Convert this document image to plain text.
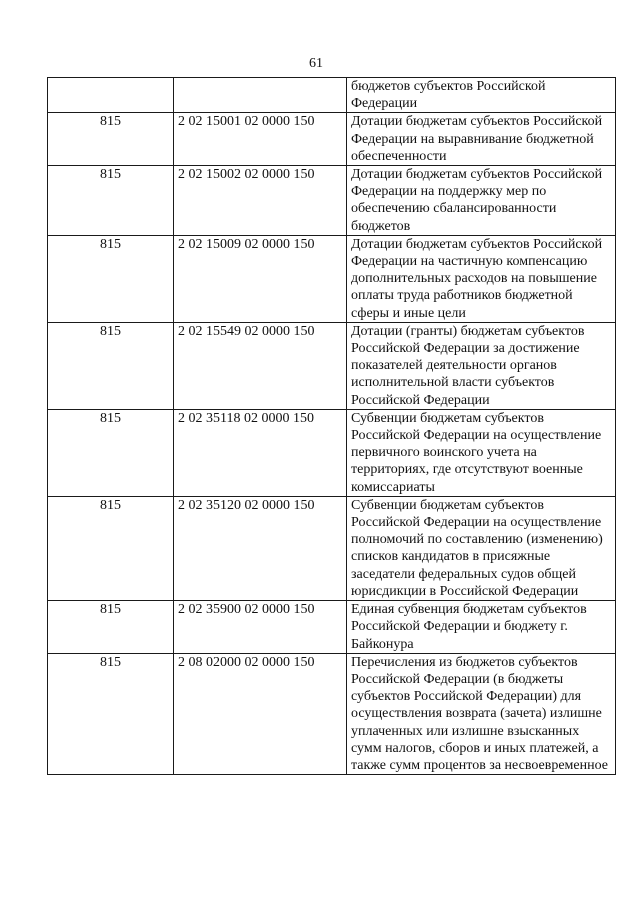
61
		бюджетов субъектов Российской Федерации
815	2 02 15001 02 0000 150	Дотации бюджетам субъектов Российской Федерации на выравнивание бюджетной обеспеченности
815	2 02 15002 02 0000 150	Дотации бюджетам субъектов Российской Федерации на поддержку мер по обеспечению сбалансированности бюджетов
815	2 02 15009 02 0000 150	Дотации бюджетам субъектов Российской Федерации на частичную компенсацию дополнительных расходов на повышение оплаты труда работников бюджетной сферы и иные цели
815	2 02 15549 02 0000 150	Дотации (гранты) бюджетам субъектов Российской Федерации за достижение показателей деятельности органов исполнительной власти субъектов Российской Федерации
815	2 02 35118 02 0000 150	Субвенции бюджетам субъектов Российской Федерации на осуществление первичного воинского учета на территориях, где отсутствуют военные комиссариаты
815	2 02 35120 02 0000 150	Субвенции бюджетам субъектов Российской Федерации на осуществление полномочий по составлению (изменению) списков кандидатов в присяжные заседатели федеральных судов общей юрисдикции в Российской Федерации
815	2 02 35900 02 0000 150	Единая субвенция бюджетам субъектов Российской Федерации и бюджету г. Байконура
815	2 08 02000 02 0000 150	Перечисления из бюджетов субъектов Российской Федерации (в бюджеты субъектов Российской Федерации) для осуществления возврата (зачета) излишне уплаченных или излишне взысканных сумм налогов, сборов и иных платежей, а также сумм процентов за несвоевременное
